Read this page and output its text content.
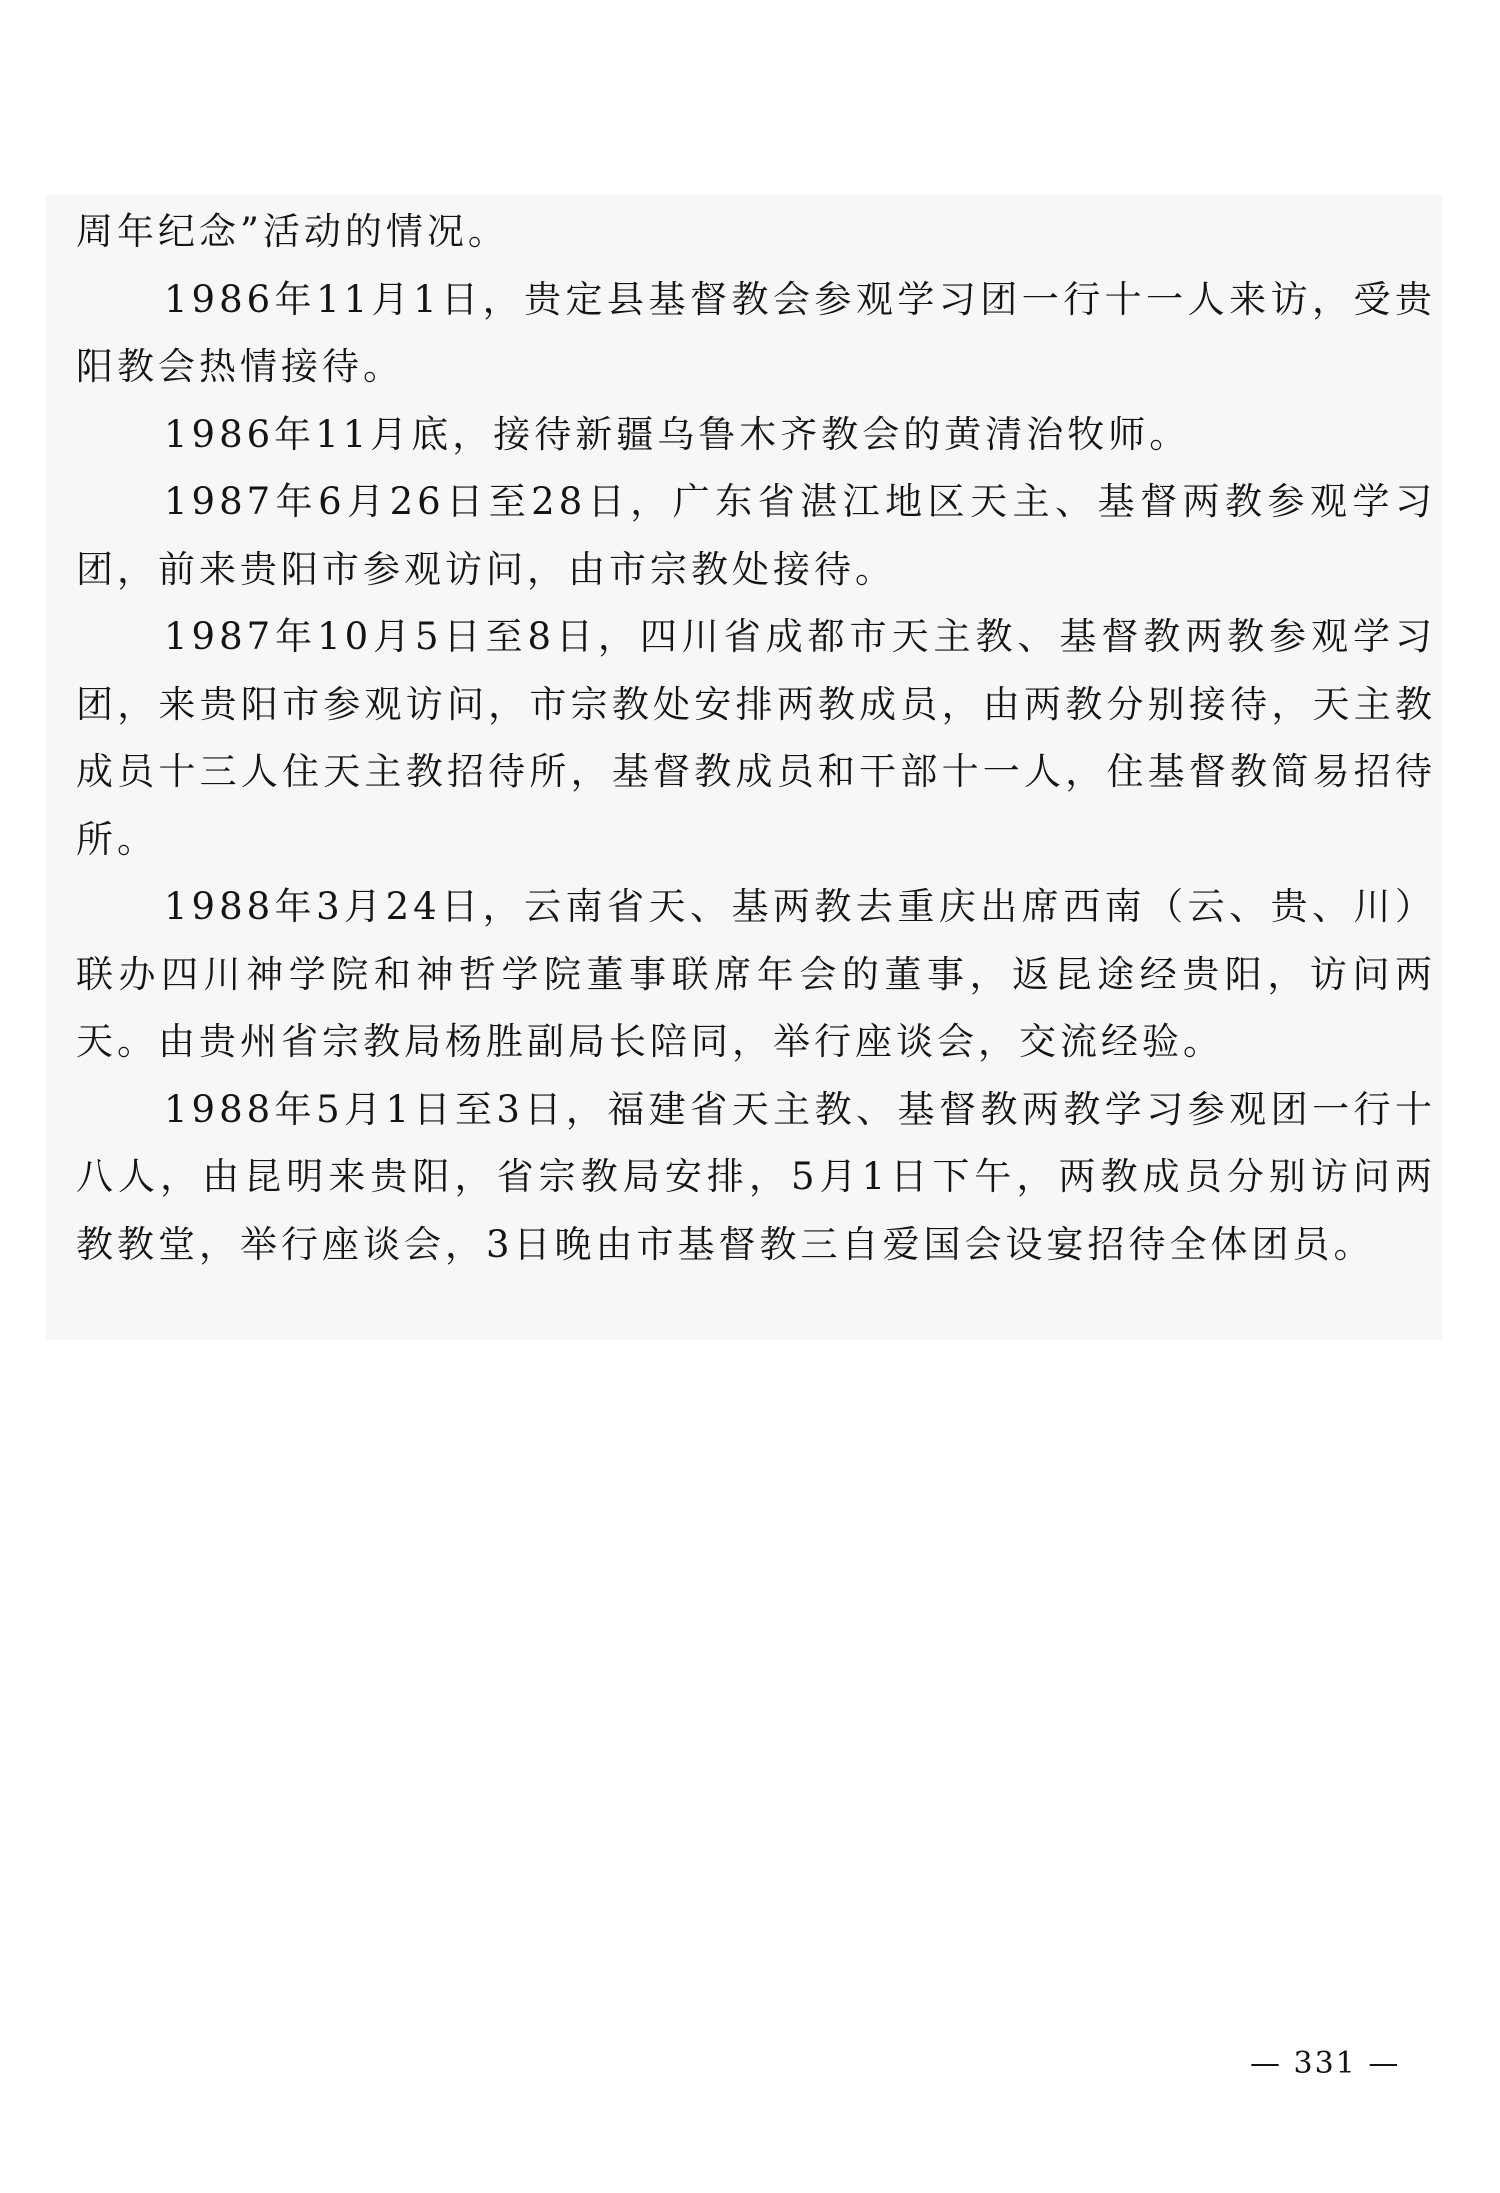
周年纪念”活动的情况。

1986年11月1日，贵定县基督教会参观学习团一行十一人来访，受贵阳教会热情接待。

1986年11月底，接待新疆乌鲁木齐教会的黄清治牧师。

1987年6月26日至28日，广东省湛江地区天主、基督两教参观学习团，前来贵阳市参观访问，由市宗教处接待。

1987年10月5日至8日，四川省成都市天主教、基督教两教参观学习团，来贵阳市参观访问，市宗教处安排两教成员，由两教分别接待，天主教成员十三人住天主教招待所，基督教成员和干部十一人，住基督教简易招待所。

1988年3月24日，云南省天、基两教去重庆出席西南（云、贵、川）联办四川神学院和神哲学院董事联席年会的董事，返昆途经贵阳，访问两天。由贵州省宗教局杨胜副局长陪同，举行座谈会，交流经验。

1988年5月1日至3日，福建省天主教、基督教两教学习参观团一行十八人，由昆明来贵阳，省宗教局安排，5月1日下午，两教成员分别访问两教教堂，举行座谈会，3日晚由市基督教三自爱国会设宴招待全体团员。

— 331 —
